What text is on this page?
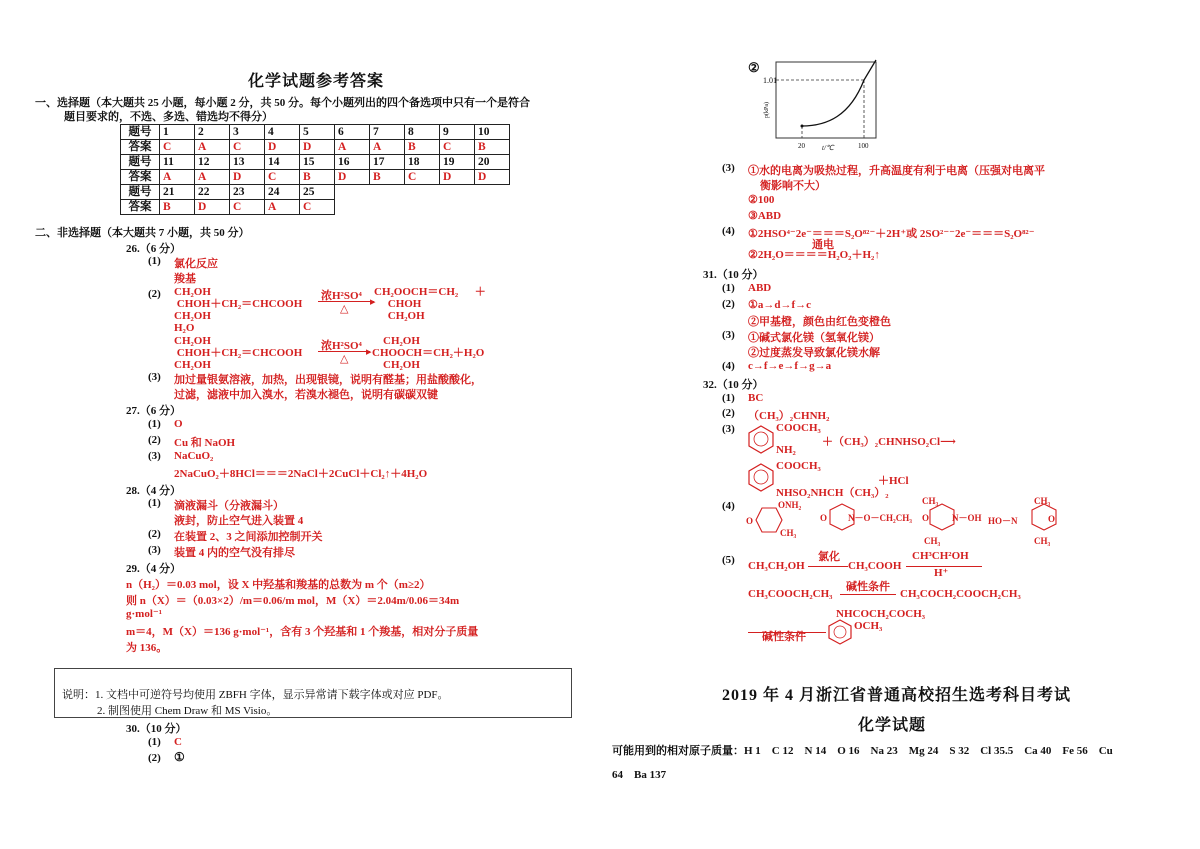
化学试题参考答案
一、选择题（本大题共 25 小题，每小题 2 分，共 50 分。每个小题列出的四个备选项中只有一个是符合
题目要求的，不选、多选、错选均不得分）
题号	1	2	3	4	5	6	7	8	9	10
答案	C	A	C	D	D	A	A	B	C	B
题号	11	12	13	14	15	16	17	18	19	20
答案	A	A	D	C	B	D	B	C	D	D
题号	21	22	23	24	25					
答案	B	D	C	A	C					
二、非选择题（本大题共 7 小题，共 50 分）
26.（6 分）
(1) 氯化反应
羧基
(2) CH₂OH
CHOH＋CH₂＝CHCOOH
CH₂OH
H₂O
浓H²SO⁴ ▸
△
CH₂OOCH＝CH₂      ＋
CHOH
CH₂OH
CH₂OH
CHOH＋CH₂＝CHCOOH
CH₂OH
浓H²SO⁴ ▸
△
CH₂OH
CHOOCH＝CH₂＋H₂O
CH₂OH
(3) 加过量银氨溶液，加热，出现银镜，说明有醛基；用盐酸酸化，
过滤，滤液中加入溴水，若溴水褪色，说明有碳碳双键
27.（6 分）
(1) O
(2) Cu 和 NaOH
(3) NaCuO₂
2NaCuO₂＋8HCl＝＝＝2NaCl＋2CuCl＋Cl₂↑＋4H₂O
28.（4 分）
(1) 滴液漏斗（分液漏斗）
液封，防止空气进入装置 4
(2) 在装置 2、3 之间添加控制开关
(3) 装置 4 内的空气没有排尽
29.（4 分）
n（H₂）＝0.03 mol，设 X 中羟基和羧基的总数为 m 个（m≥2）
则 n（X）＝（0.03×2）/m＝0.06/m mol，M（X）＝2.04m/0.06＝34m
g·mol⁻¹
m＝4，M（X）＝136 g·mol⁻¹，含有 3 个羟基和 1 个羧基，相对分子质量
为 136。
说明：1. 文档中可逆符号均使用 ZBFH 字体，显示异常请下载字体或对应 PDF。
2. 制图使用 Chem Draw 和 MS Visio。
30.（10 分）
(1) C
(2) ①
②
1.01
p(kPa)
20 t/℃	100
(3) ①水的电离为吸热过程，升高温度有利于电离（压强对电离平
衡影响不大）
②100
③ABD
(4) ①2HSO⁴⁻2e⁻＝＝＝S₂O⁸²⁻＋2H⁺或 2SO²⁻⁻2e⁻＝＝＝S₂O⁸²⁻
通电
②2H₂O＝＝＝＝H₂O₂＋H₂↑
31.（10 分）
(1) ABD
(2) ①a→d→f→c
②甲基橙，颜色由红色变橙色
(3) ①碱式氯化镁（氢氧化镁）
②过度蒸发导致氯化镁水解
(4) c→f→e→f→g→a
32.（10 分）
(1) BC
(2) （CH₃）₂CHNH₂
(3)	COOCH₃
NH₂
＋（CH₃）₂CHNHSO₂Cl⟶
COOCH₃
NHSO₂NHCH（CH₃）₂
＋HCl
(4)
O
ONH₂
CH₃
O N－O－CH₂CH₃
CH₃
O	N－OH
CH₃
HO－N	O
CH₃
CH₃
(5) CH₃CH₂OH
氯化
CH₃COOH
CH³CH²OH
H⁺
CH₃COOCH₂CH₃
碱性条件
CH₃COCH₂COOCH₂CH₃
NHCOCH₂COCH₃
OCH₃
碱性条件
2019 年 4 月浙江省普通高校招生选考科目考试
化学试题
可能用到的相对原子质量：H 1　C 12　N 14　O 16　Na 23　Mg 24　S 32　Cl 35.5　Ca 40　Fe 56　Cu
64　Ba 137
